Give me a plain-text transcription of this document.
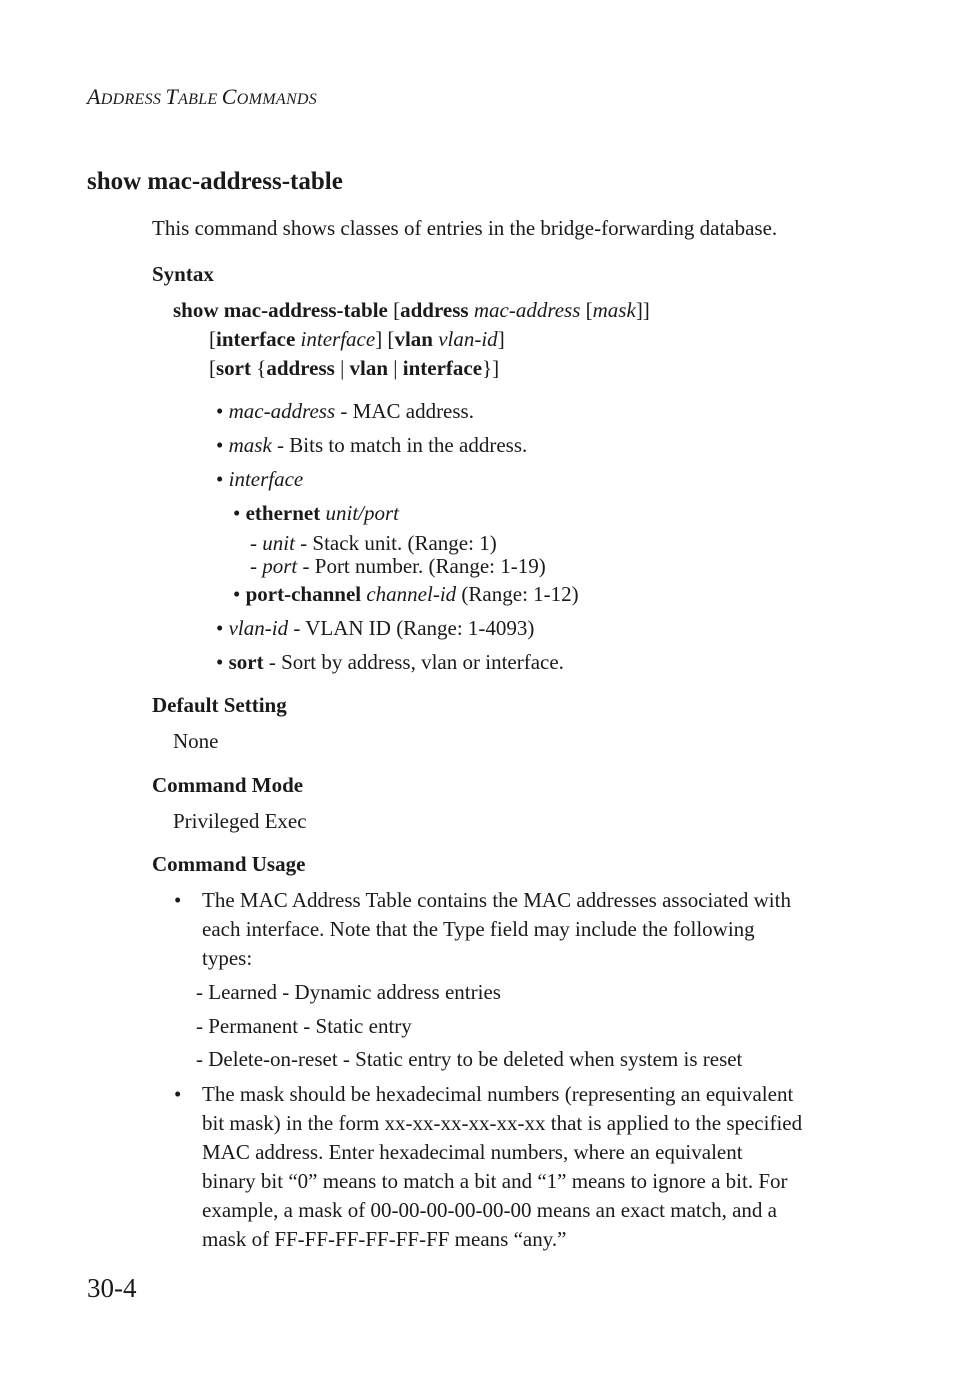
ADDRESS TABLE COMMANDS
show mac-address-table
This command shows classes of entries in the bridge-forwarding database.
Syntax
show mac-address-table [address mac-address [mask]]
[interface interface] [vlan vlan-id]
[sort {address | vlan | interface}]
• mac-address - MAC address.
• mask - Bits to match in the address.
• interface
• ethernet unit/port
- unit - Stack unit. (Range: 1)
- port - Port number. (Range: 1-19)
• port-channel channel-id (Range: 1-12)
• vlan-id - VLAN ID (Range: 1-4093)
• sort - Sort by address, vlan or interface.
Default Setting
None
Command Mode
Privileged Exec
Command Usage
• The MAC Address Table contains the MAC addresses associated with
each interface. Note that the Type field may include the following
types:
- Learned - Dynamic address entries
- Permanent - Static entry
- Delete-on-reset - Static entry to be deleted when system is reset
• The mask should be hexadecimal numbers (representing an equivalent
bit mask) in the form xx-xx-xx-xx-xx-xx that is applied to the specified
MAC address. Enter hexadecimal numbers, where an equivalent
binary bit “0” means to match a bit and “1” means to ignore a bit. For
example, a mask of 00-00-00-00-00-00 means an exact match, and a
mask of FF-FF-FF-FF-FF-FF means “any.”
30-4
